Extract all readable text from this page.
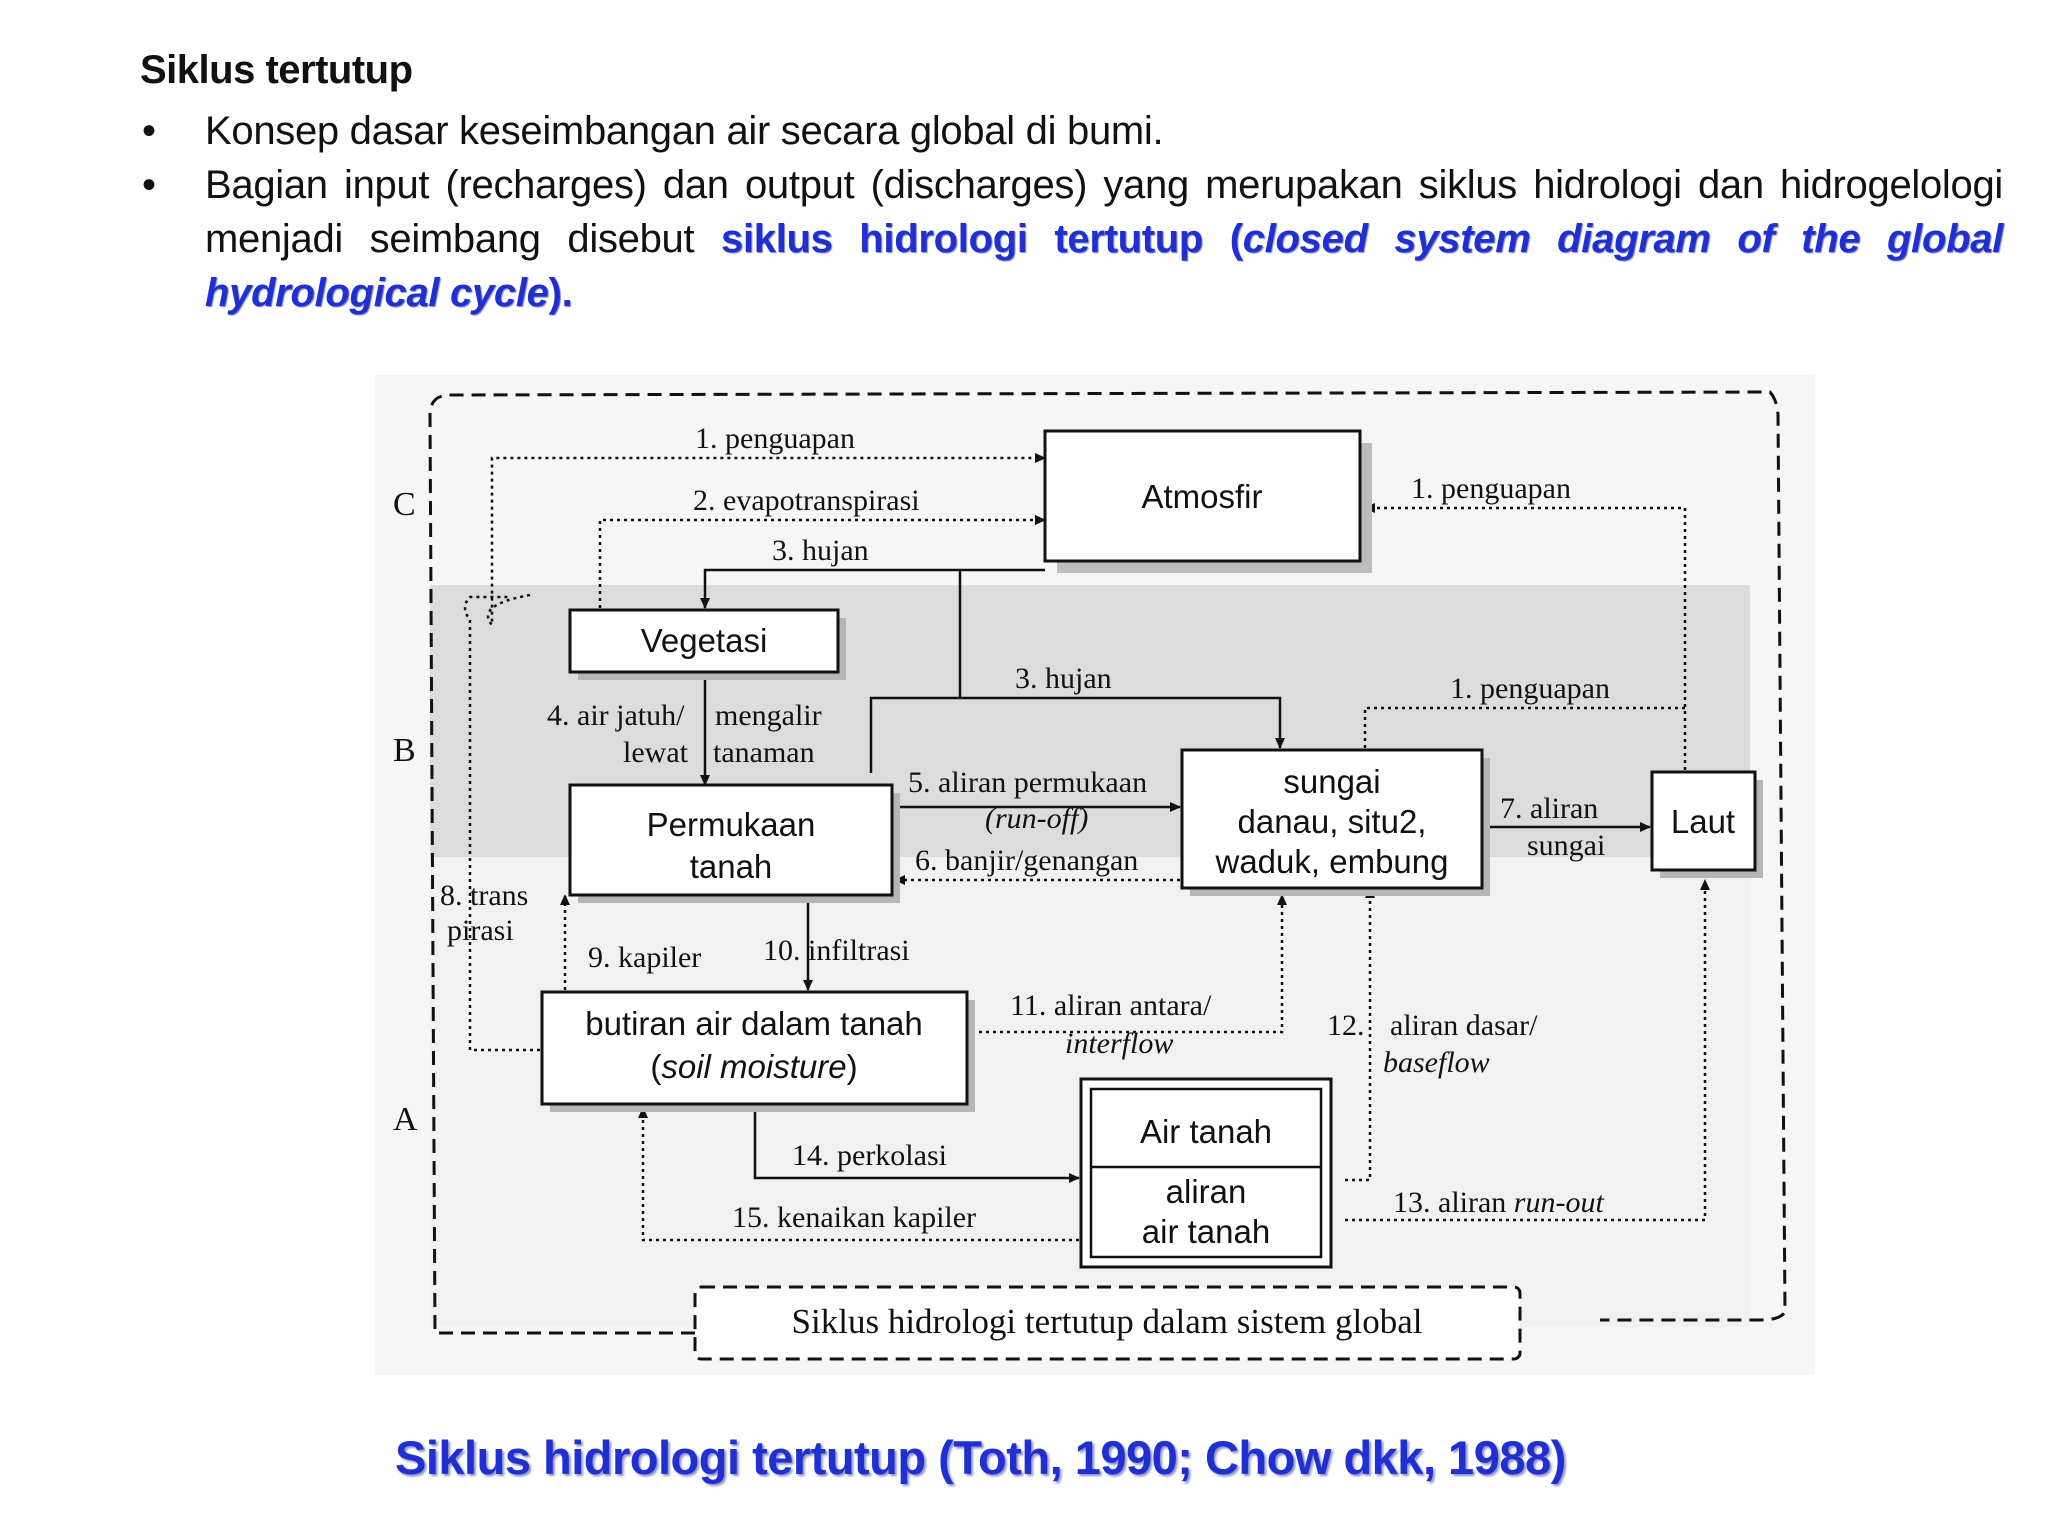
Siklus tertutup
• Konsep dasar keseimbangan air secara global di bumi.
• Bagian input (recharges) dan output (discharges) yang merupakan siklus hidrologi dan hidrogelologi menjadi seimbang disebut siklus hidrologi tertutup (closed system diagram of the global hydrological cycle).
C
B
A
Atmosfir
Vegetasi
Permukaan
tanah
sungai
danau, situ2,
waduk, embung
Laut
butiran air dalam tanah
(soil moisture)
Air tanah
aliran
air tanah
1. penguapan
2. evapotranspirasi
3. hujan
1. penguapan
3. hujan	1. penguapan
4. air jatuh/
lewat
mengalir
tanaman
5. aliran permukaan
(run-off)
6. banjir/genangan
7. aliran
sungai
8. trans
pirasi
9. kapiler 10. infiltrasi
11. aliran antara/
interflow
12. aliran dasar/
baseflow
13. aliran run-out
14. perkolasi
15. kenaikan kapiler
Siklus hidrologi tertutup dalam sistem global
Siklus hidrologi tertutup (Toth, 1990; Chow dkk, 1988)
